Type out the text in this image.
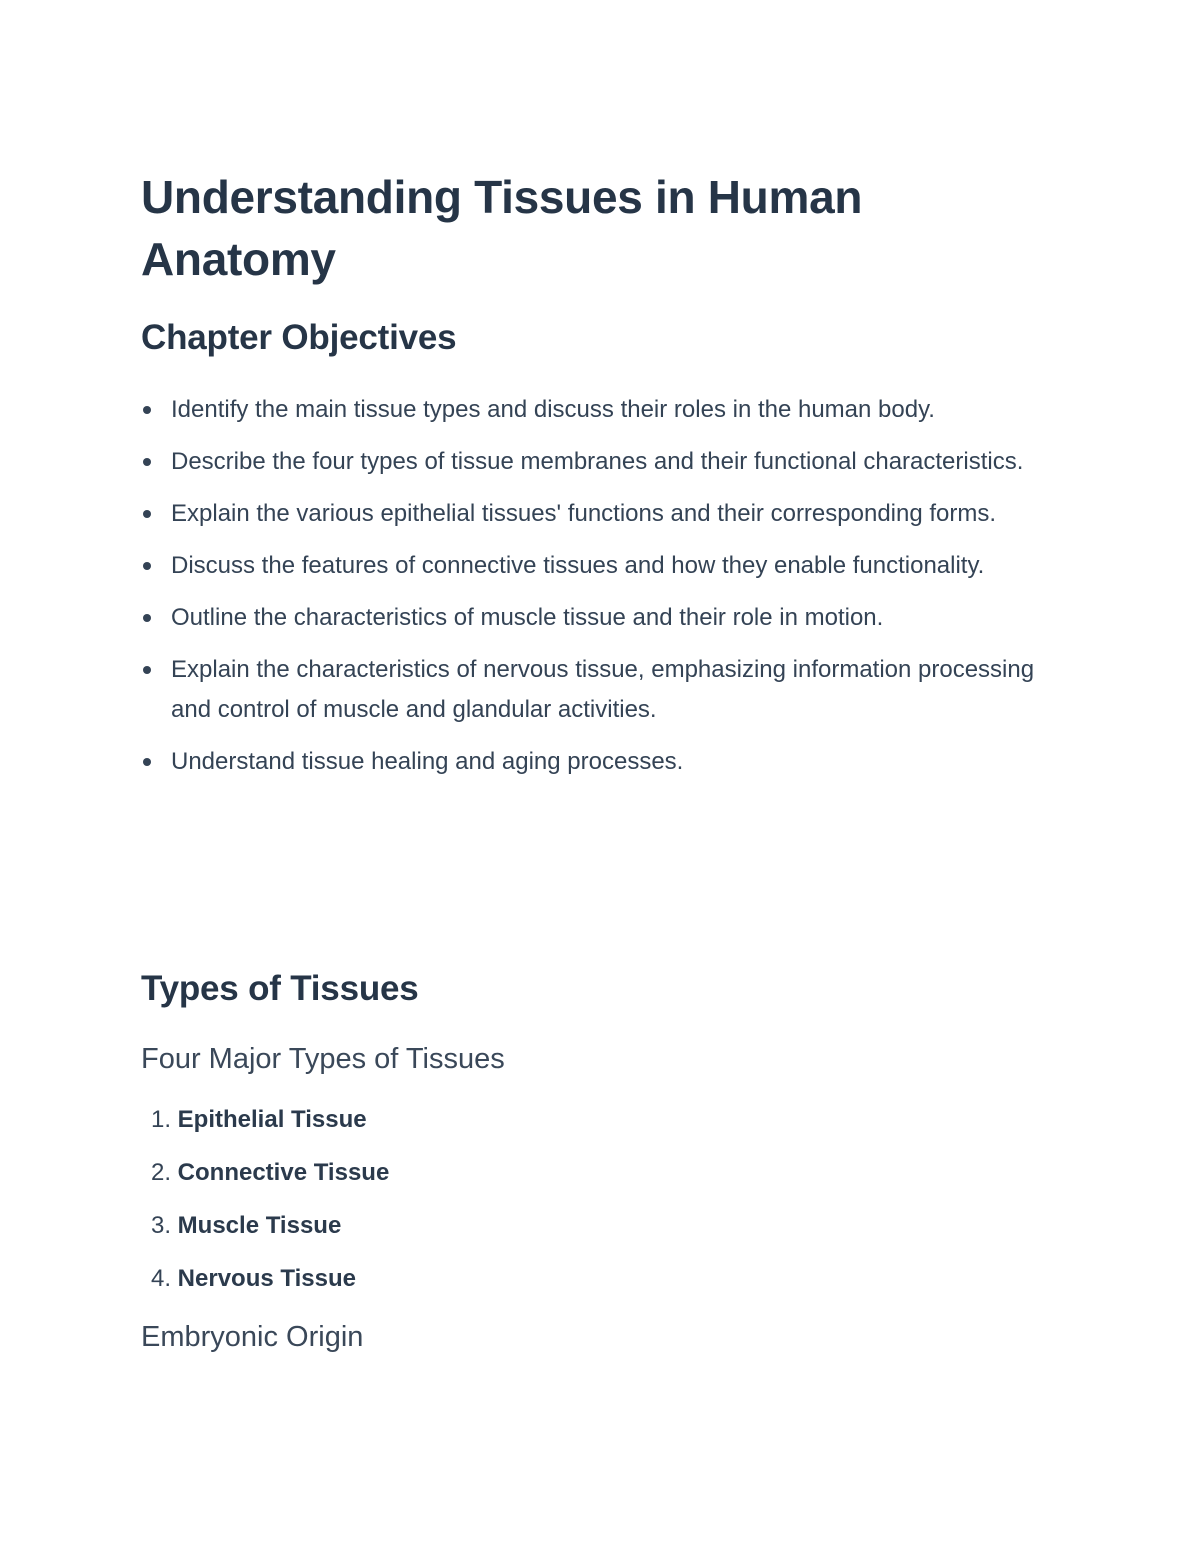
Understanding Tissues in Human Anatomy
Chapter Objectives
Identify the main tissue types and discuss their roles in the human body.
Describe the four types of tissue membranes and their functional characteristics.
Explain the various epithelial tissues' functions and their corresponding forms.
Discuss the features of connective tissues and how they enable functionality.
Outline the characteristics of muscle tissue and their role in motion.
Explain the characteristics of nervous tissue, emphasizing information processing and control of muscle and glandular activities.
Understand tissue healing and aging processes.
Types of Tissues
Four Major Types of Tissues
1. Epithelial Tissue
2. Connective Tissue
3. Muscle Tissue
4. Nervous Tissue
Embryonic Origin
